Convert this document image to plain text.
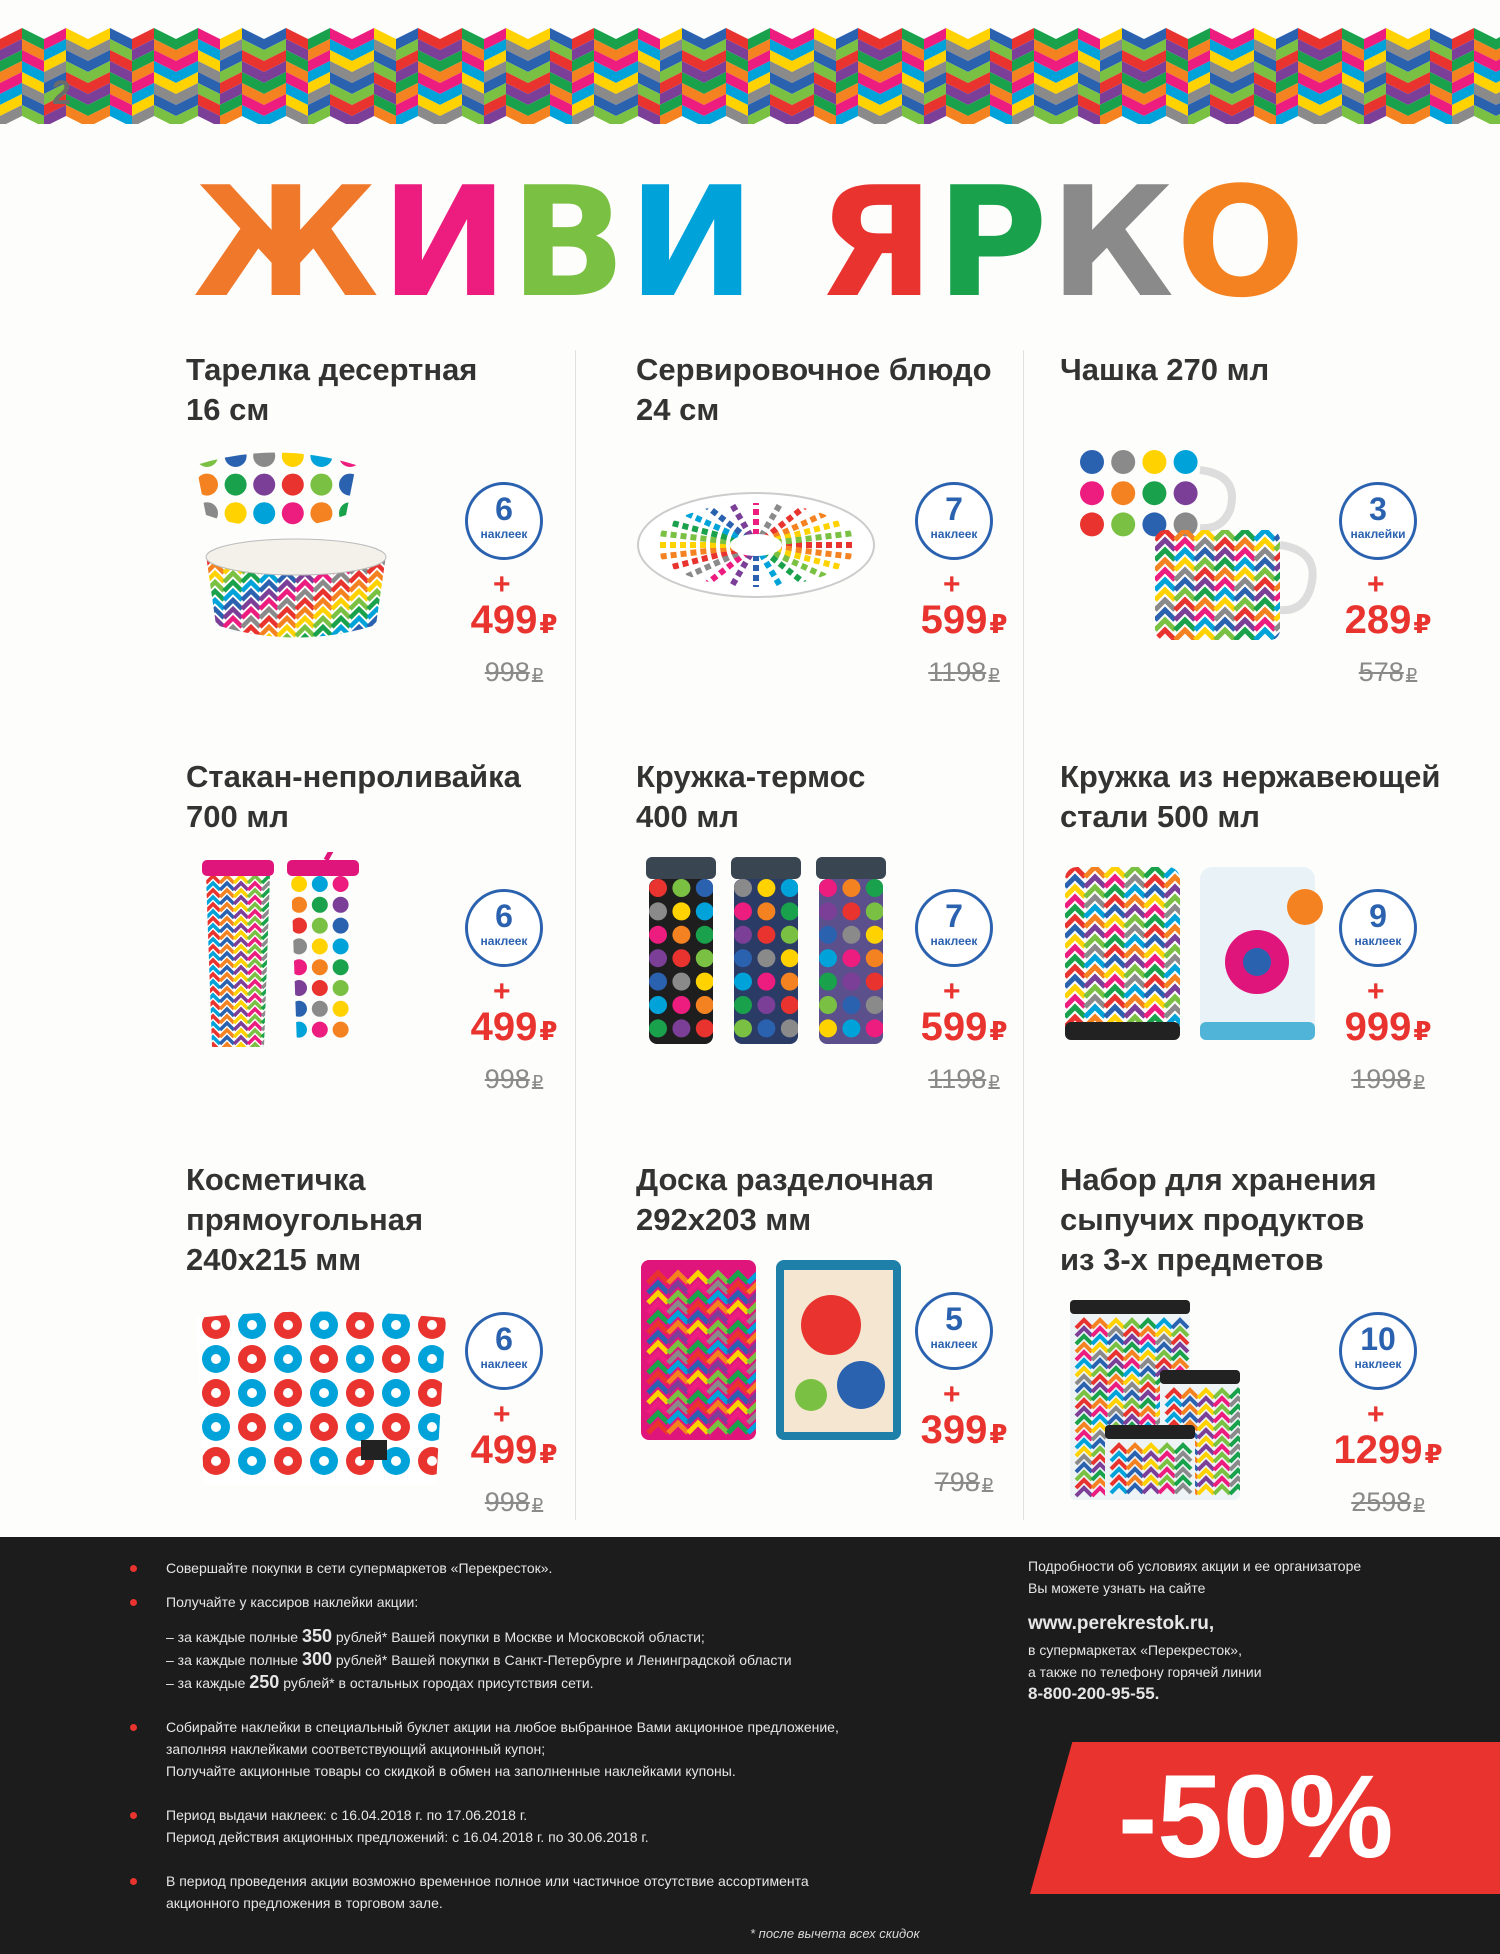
2
ЖИВИ ЯРКО
Тарелка десертная
16 см
6
наклеек
+
499₽
998 ₽
Сервировочное блюдо
24 см
7
наклеек
+
599₽
1198 ₽
Чашка 270 мл
3
наклейки
+
289₽
578 ₽
Стакан-непроливайка
700 мл
6
наклеек
+
499₽
998 ₽
Кружка-термос
400 мл
7
наклеек
+
599₽
1198 ₽
Кружка из нержавеющей
стали 500 мл
9
наклеек
+
999₽
1998 ₽
Косметичка
прямоугольная
240x215 мм
6
наклеек
+
499₽
998 ₽
Доска разделочная
292x203 мм
5
наклеек
+
399₽
798 ₽
Набор для хранения
сыпучих продуктов
из 3-х предметов
10
наклеек
+
1299₽
2598 ₽

Совершайте покупки в сети супермаркетов «Перекресток».

Получайте у кассиров наклейки акции:

– за каждые полные 350 рублей* Вашей покупки в Москве и Московской области;

– за каждые полные 300 рублей* Вашей покупки в Санкт-Петербурге и Ленинградской области

– за каждые 250 рублей* в остальных городах присутствия сети.

Собирайте наклейки в специальный буклет акции на любое выбранное Вами акционное предложение,

заполняя наклейками соответствующий акционный купон;

Получайте акционные товары со скидкой в обмен на заполненные наклейками купоны.

Период выдачи наклеек: с 16.04.2018 г. по 17.06.2018 г.

Период действия акционных предложений: с 16.04.2018 г. по 30.06.2018 г.

В период проведения акции возможно временное полное или частичное отсутствие ассортимента

акционного предложения в торговом зале.

Подробности об условиях акции и ее организаторе
Вы можете узнать на сайте
www.perekrestok.ru,
в супермаркетах «Перекресток»,
а также по телефону горячей линии
8-800-200-95-55.
-50%
* после вычета всех скидок
